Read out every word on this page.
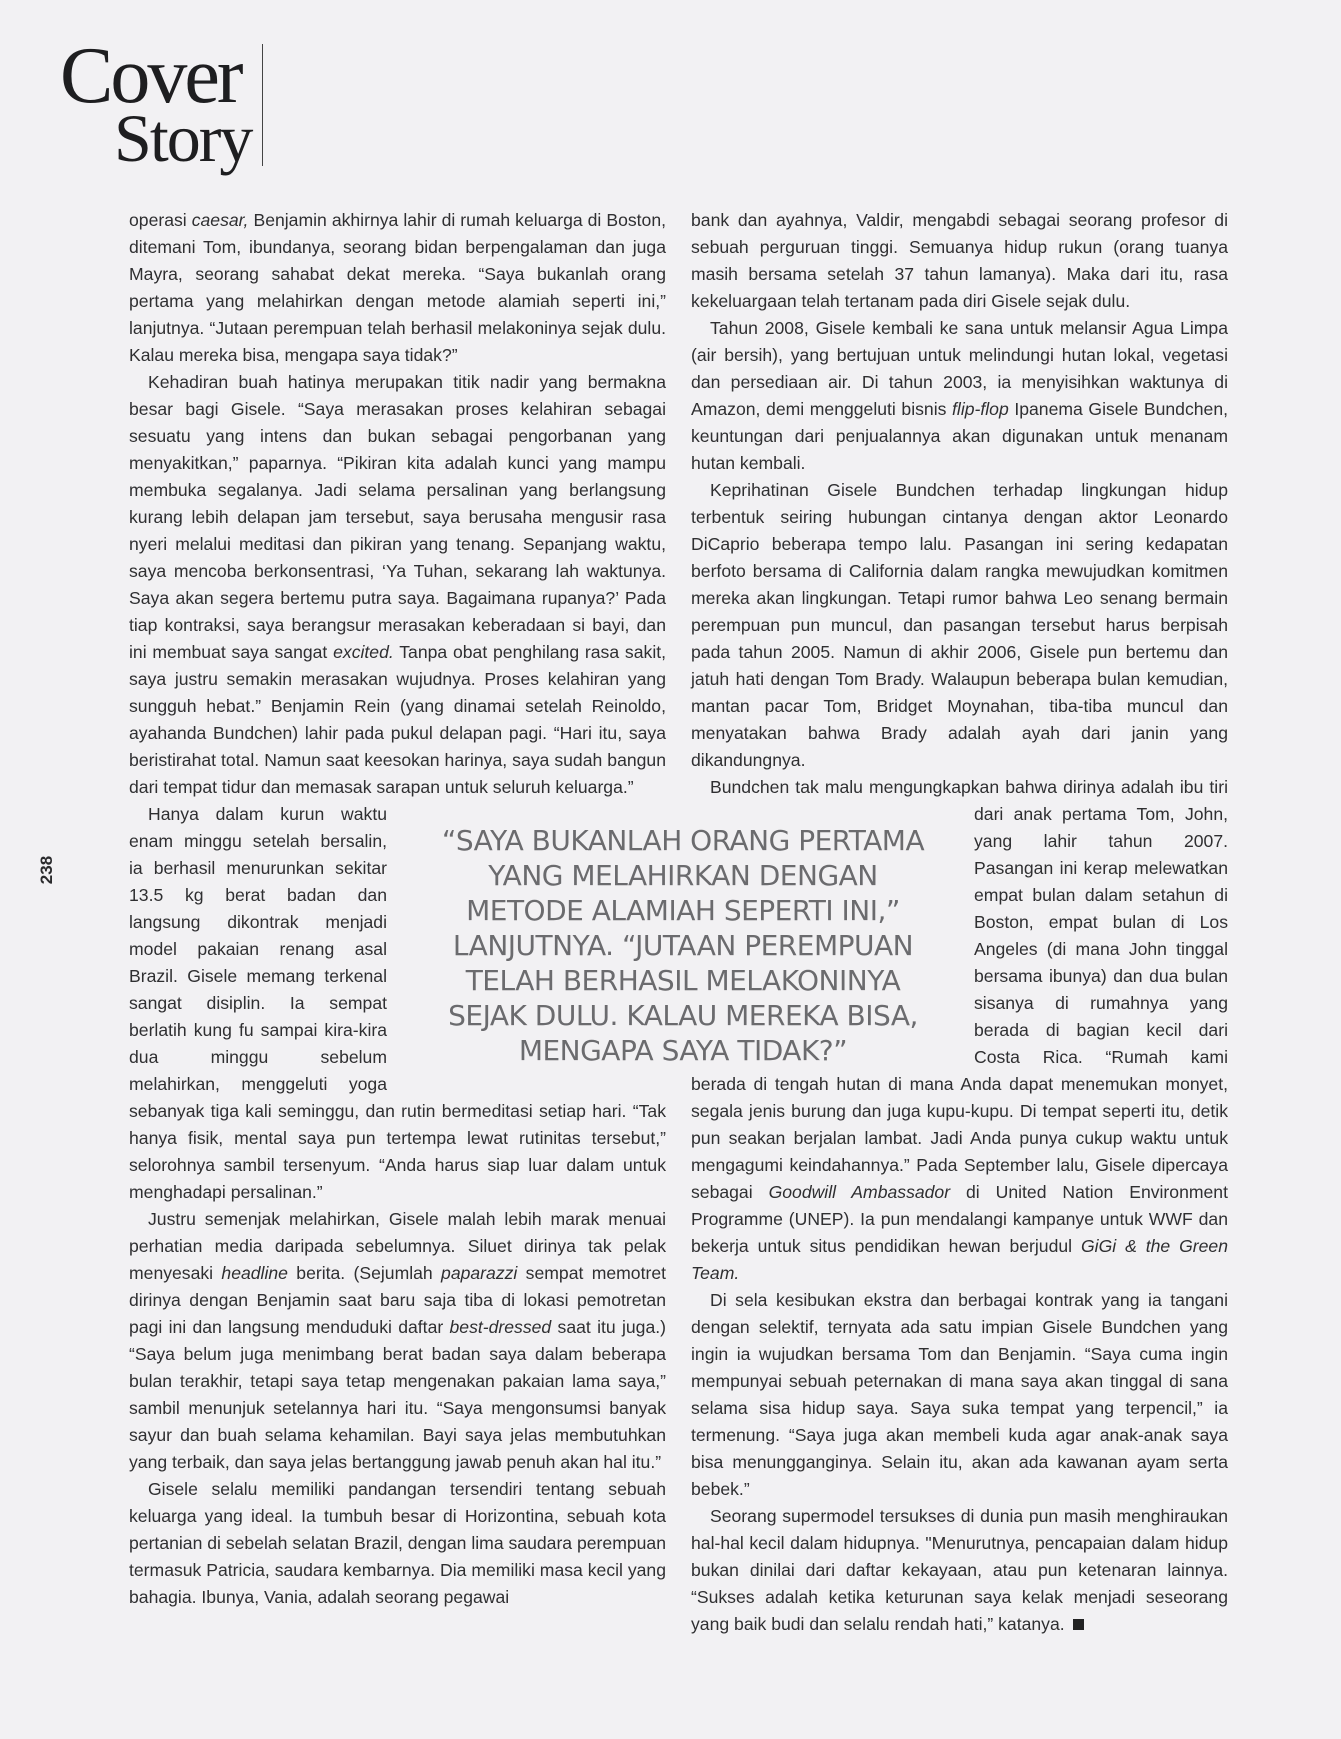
Cover
Story
238

operasi caesar, Benjamin akhirnya lahir di rumah keluarga di Boston, ditemani Tom, ibundanya, seorang bidan berpengalaman dan juga Mayra, seorang sahabat dekat mereka. “Saya bukanlah orang pertama yang melahirkan dengan metode alamiah seperti ini,” lanjutnya. “Jutaan perempuan telah berhasil melakoninya sejak dulu. Kalau mereka bisa, mengapa saya tidak?”

Kehadiran buah hatinya merupakan titik nadir yang bermakna besar bagi Gisele. “Saya merasakan proses kelahiran sebagai sesuatu yang intens dan bukan sebagai pengorbanan yang menyakitkan,” paparnya. “Pikiran kita adalah kunci yang mampu membuka segalanya. Jadi selama persalinan yang berlangsung kurang lebih delapan jam tersebut, saya berusaha mengusir rasa nyeri melalui meditasi dan pikiran yang tenang. Sepanjang waktu, saya mencoba berkonsentrasi, ‘Ya Tuhan, sekarang lah waktunya. Saya akan segera bertemu putra saya. Bagaimana rupanya?’ Pada tiap kontraksi, saya berangsur merasakan keberadaan si bayi, dan ini membuat saya sangat excited. Tanpa obat penghilang rasa sakit, saya justru semakin merasakan wujudnya. Proses kelahiran yang sungguh hebat.” Benjamin Rein (yang dinamai setelah Reinoldo, ayahanda Bundchen) lahir pada pukul delapan pagi. “Hari itu, saya beristirahat total. Namun saat keesokan harinya, saya sudah bangun dari tempat tidur dan memasak sarapan untuk seluruh keluarga.”

Hanya dalam kurun waktu enam minggu setelah bersalin, ia berhasil menurunkan sekitar 13.5 kg berat badan dan langsung dikontrak menjadi model pakaian renang asal Brazil. Gisele memang terkenal sangat disiplin. Ia sempat berlatih kung fu sampai kira-kira dua minggu sebelum melahirkan, menggeluti yoga sebanyak tiga kali seminggu, dan rutin bermeditasi setiap hari. “Tak hanya fisik, mental saya pun tertempa lewat rutinitas tersebut,” selorohnya sambil tersenyum. “Anda harus siap luar dalam untuk menghadapi persalinan.”

Justru semenjak melahirkan, Gisele malah lebih marak menuai perhatian media daripada sebelumnya. Siluet dirinya tak pelak menyesaki headline berita. (Sejumlah paparazzi sempat memotret dirinya dengan Benjamin saat baru saja tiba di lokasi pemotretan pagi ini dan langsung menduduki daftar best-dressed saat itu juga.) “Saya belum juga menimbang berat badan saya dalam beberapa bulan terakhir, tetapi saya tetap mengenakan pakaian lama saya,” sambil menunjuk setelannya hari itu. “Saya mengonsumsi banyak sayur dan buah selama kehamilan. Bayi saya jelas membutuhkan yang terbaik, dan saya jelas bertanggung jawab penuh akan hal itu.”

Gisele selalu memiliki pandangan tersendiri tentang sebuah keluarga yang ideal. Ia tumbuh besar di Horizontina, sebuah kota pertanian di sebelah selatan Brazil, dengan lima saudara perempuan termasuk Patricia, saudara kembarnya. Dia memiliki masa kecil yang bahagia. Ibunya, Vania, adalah seorang pegawai

bank dan ayahnya, Valdir, mengabdi sebagai seorang profesor di sebuah perguruan tinggi. Semuanya hidup rukun (orang tuanya masih bersama setelah 37 tahun lamanya). Maka dari itu, rasa kekeluargaan telah tertanam pada diri Gisele sejak dulu.

Tahun 2008, Gisele kembali ke sana untuk melansir Agua Limpa (air bersih), yang bertujuan untuk melindungi hutan lokal, vegetasi dan persediaan air. Di tahun 2003, ia menyisihkan waktunya di Amazon, demi menggeluti bisnis flip-flop Ipanema Gisele Bundchen, keuntungan dari penjualannya akan digunakan untuk menanam hutan kembali.

Keprihatinan Gisele Bundchen terhadap lingkungan hidup terbentuk seiring hubungan cintanya dengan aktor Leonardo DiCaprio beberapa tempo lalu. Pasangan ini sering kedapatan berfoto bersama di California dalam rangka mewujudkan komitmen mereka akan lingkungan. Tetapi rumor bahwa Leo senang bermain perempuan pun muncul, dan pasangan tersebut harus berpisah pada tahun 2005. Namun di akhir 2006, Gisele pun bertemu dan jatuh hati dengan Tom Brady. Walaupun beberapa bulan kemudian, mantan pacar Tom, Bridget Moynahan, tiba-tiba muncul dan menyatakan bahwa Brady adalah ayah dari janin yang dikandungnya.

Bundchen tak malu mengungkapkan bahwa dirinya adalah ibu tiri dari anak pertama Tom, John, yang lahir tahun 2007. Pasangan ini kerap melewatkan empat bulan dalam setahun di Boston, empat bulan di Los Angeles (di mana John tinggal bersama ibunya) dan dua bulan sisanya di rumahnya yang berada di bagian kecil dari Costa Rica. “Rumah kami berada di tengah hutan di mana Anda dapat menemukan monyet, segala jenis burung dan juga kupu-kupu. Di tempat seperti itu, detik pun seakan berjalan lambat. Jadi Anda punya cukup waktu untuk mengagumi keindahannya.” Pada September lalu, Gisele dipercaya sebagai Goodwill Ambassador di United Nation Environment Programme (UNEP). Ia pun mendalangi kampanye untuk WWF dan bekerja untuk situs pendidikan hewan berjudul GiGi & the Green Team.

Di sela kesibukan ekstra dan berbagai kontrak yang ia tangani dengan selektif, ternyata ada satu impian Gisele Bundchen yang ingin ia wujudkan bersama Tom dan Benjamin. “Saya cuma ingin mempunyai sebuah peternakan di mana saya akan tinggal di sana selama sisa hidup saya. Saya suka tempat yang terpencil,” ia termenung. “Saya juga akan membeli kuda agar anak-anak saya bisa menungganginya. Selain itu, akan ada kawanan ayam serta bebek.”

Seorang supermodel tersukses di dunia pun masih menghiraukan hal-hal kecil dalam hidupnya. "Menurutnya, pencapaian dalam hidup bukan dinilai dari daftar kekayaan, atau pun ketenaran lainnya. “Sukses adalah ketika keturunan saya kelak menjadi seseorang yang baik budi dan selalu rendah hati,” katanya.

“SAYA BUKANLAH ORANG PERTAMA YANG MELAHIRKAN DENGAN METODE ALAMIAH SEPERTI INI,” LANJUTNYA. “JUTAAN PEREMPUAN TELAH BERHASIL MELAKONINYA SEJAK DULU. KALAU MEREKA BISA, MENGAPA SAYA TIDAK?”
